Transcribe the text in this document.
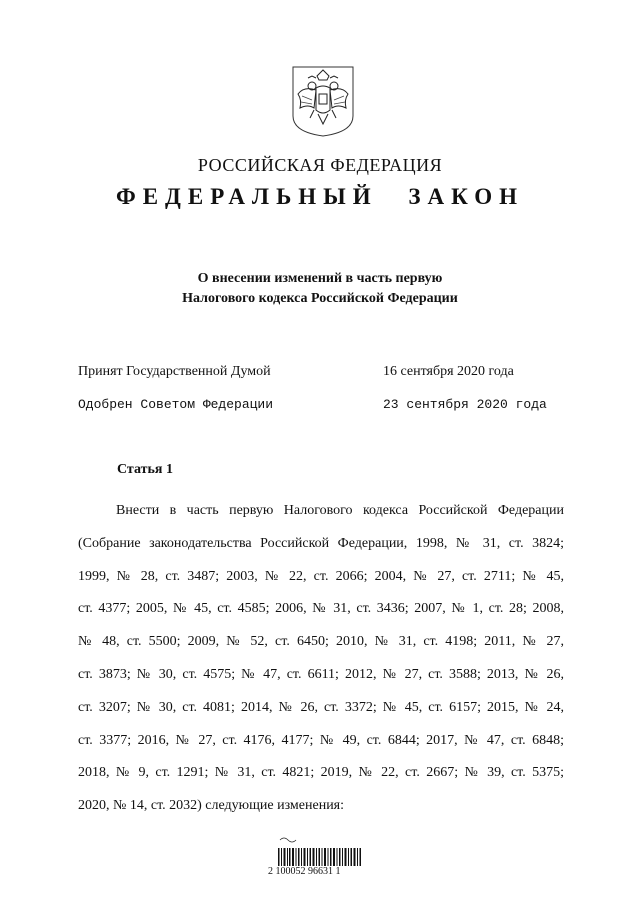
РОССИЙСКАЯ ФЕДЕРАЦИЯ
ФЕДЕРАЛЬНЫЙ ЗАКОН
О внесении изменений в часть первую
Налогового кодекса Российской Федерации
Принят Государственной Думой	16 сентября 2020 года
Одобрен Советом Федерации	23 сентября 2020 года
Статья 1
Внести в часть первую Налогового кодекса Российской Федерации
(Собрание законодательства Российской Федерации, 1998, № 31, ст. 3824;
1999, № 28, ст. 3487; 2003, № 22, ст. 2066; 2004, № 27, ст. 2711; № 45,
ст. 4377; 2005, № 45, ст. 4585; 2006, № 31, ст. 3436; 2007, № 1, ст. 28; 2008,
№ 48, ст. 5500; 2009, № 52, ст. 6450; 2010, № 31, ст. 4198; 2011, № 27,
ст. 3873; № 30, ст. 4575; № 47, ст. 6611; 2012, № 27, ст. 3588; 2013, № 26,
ст. 3207; № 30, ст. 4081; 2014, № 26, ст. 3372; № 45, ст. 6157; 2015, № 24,
ст. 3377; 2016, № 27, ст. 4176, 4177; № 49, ст. 6844; 2017, № 47, ст. 6848;
2018, № 9, ст. 1291; № 31, ст. 4821; 2019, № 22, ст. 2667; № 39, ст. 5375;
2020, № 14, ст. 2032) следующие изменения:
2 100052 96631 1
